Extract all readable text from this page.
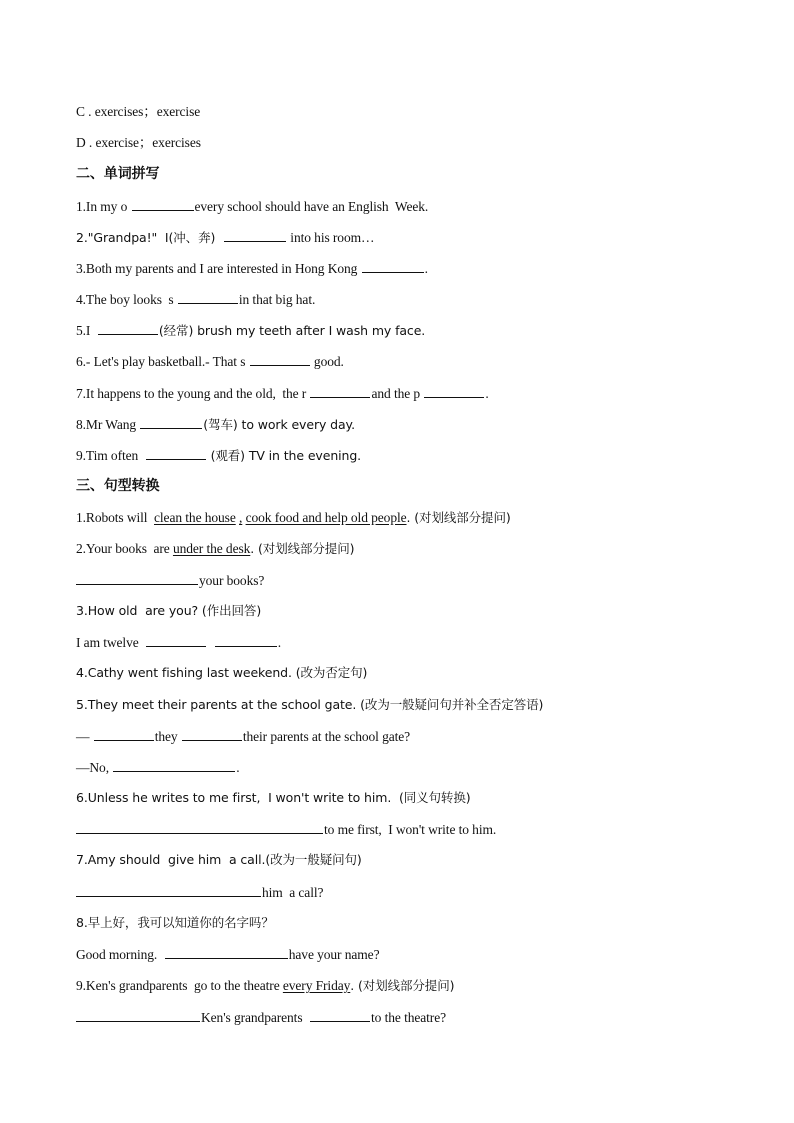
C . exercises；exercise
D . exercise；exercises
二、单词拼写
1.In my o	every school should have an English  Week.
2."Grandpa!"  I(冲、奔)	into his room…
3.Both my parents and I are interested in Hong Kong	.
4.The boy looks  s	in that big hat.
5.I	(经常) brush my teeth after I wash my face.
6.- Let's play basketball.- That s	good.
7.It happens to the young and the old,  the r	and the p	.
8.Mr Wang	(驾车) to work every day.
9.Tim often	(观看) TV in the evening.
三、句型转换
1.Robots will  clean the house , cook food and help old people. (对划线部分提问)
2.Your books  are under the desk. (对划线部分提问)
your books?
3.How old  are you? (作出回答)
I am twelve	.
4.Cathy went fishing last weekend. (改为否定句)
5.They meet their parents at the school gate. (改为一般疑问句并补全否定答语)
—	they	their parents at the school gate?
—No,	.
6.Unless he writes to me first,  I won't write to him.  (同义句转换)
to me first,  I won't write to him.
7.Amy should  give him  a call.(改为一般疑问句)
him  a call?
8.早上好，我可以知道你的名字吗？
Good morning.	have your name?
9.Ken's grandparents  go to the theatre every Friday. (对划线部分提问)
Ken's grandparents	to the theatre?
